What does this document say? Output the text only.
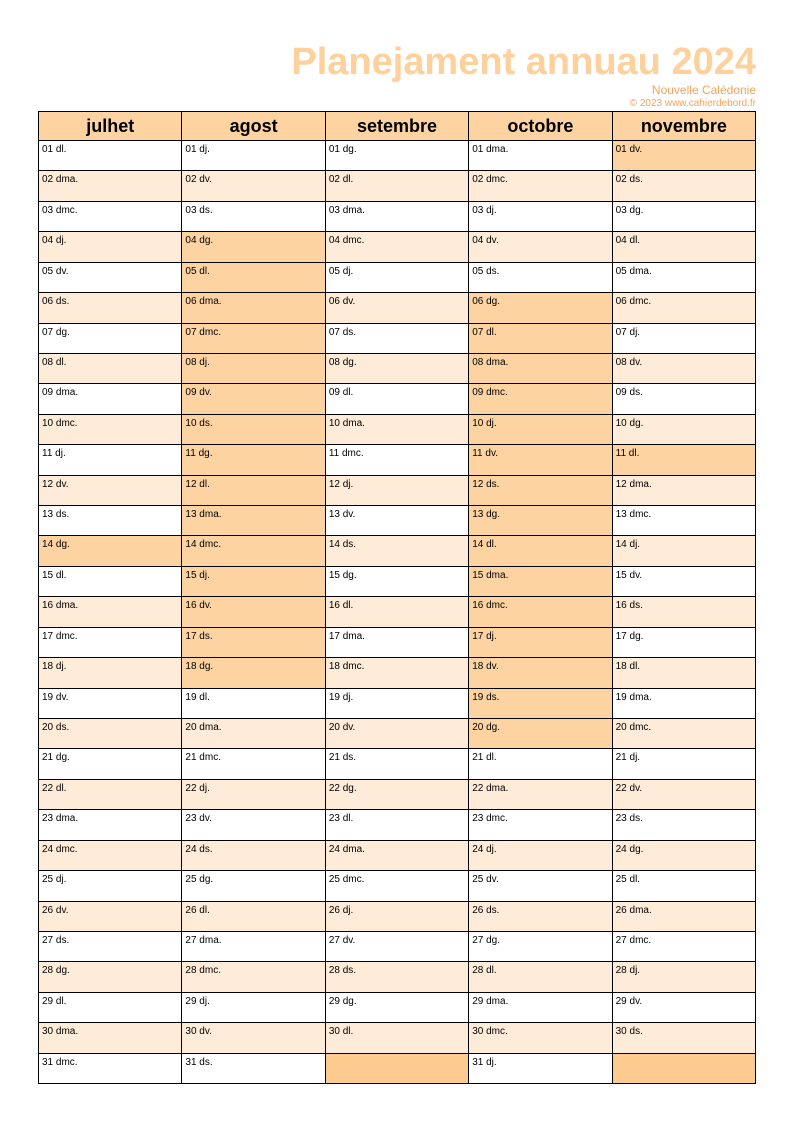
Planejament annuau 2024
Nouvelle Calédonie
© 2023 www.cahierdebord.fr
julhet
01 dl.
02 dma.
03 dmc.
04 dj.
05 dv.
06 ds.
07 dg.
08 dl.
09 dma.
10 dmc.
11 dj.
12 dv.
13 ds.
14 dg.
15 dl.
16 dma.
17 dmc.
18 dj.
19 dv.
20 ds.
21 dg.
22 dl.
23 dma.
24 dmc.
25 dj.
26 dv.
27 ds.
28 dg.
29 dl.
30 dma.
31 dmc.
agost
01 dj.
02 dv.
03 ds.
04 dg.
05 dl.
06 dma.
07 dmc.
08 dj.
09 dv.
10 ds.
11 dg.
12 dl.
13 dma.
14 dmc.
15 dj.
16 dv.
17 ds.
18 dg.
19 dl.
20 dma.
21 dmc.
22 dj.
23 dv.
24 ds.
25 dg.
26 dl.
27 dma.
28 dmc.
29 dj.
30 dv.
31 ds.
setembre
01 dg.
02 dl.
03 dma.
04 dmc.
05 dj.
06 dv.
07 ds.
08 dg.
09 dl.
10 dma.
11 dmc.
12 dj.
13 dv.
14 ds.
15 dg.
16 dl.
17 dma.
18 dmc.
19 dj.
20 dv.
21 ds.
22 dg.
23 dl.
24 dma.
25 dmc.
26 dj.
27 dv.
28 ds.
29 dg.
30 dl.
octobre
01 dma.
02 dmc.
03 dj.
04 dv.
05 ds.
06 dg.
07 dl.
08 dma.
09 dmc.
10 dj.
11 dv.
12 ds.
13 dg.
14 dl.
15 dma.
16 dmc.
17 dj.
18 dv.
19 ds.
20 dg.
21 dl.
22 dma.
23 dmc.
24 dj.
25 dv.
26 ds.
27 dg.
28 dl.
29 dma.
30 dmc.
31 dj.
novembre
01 dv.
02 ds.
03 dg.
04 dl.
05 dma.
06 dmc.
07 dj.
08 dv.
09 ds.
10 dg.
11 dl.
12 dma.
13 dmc.
14 dj.
15 dv.
16 ds.
17 dg.
18 dl.
19 dma.
20 dmc.
21 dj.
22 dv.
23 ds.
24 dg.
25 dl.
26 dma.
27 dmc.
28 dj.
29 dv.
30 ds.
